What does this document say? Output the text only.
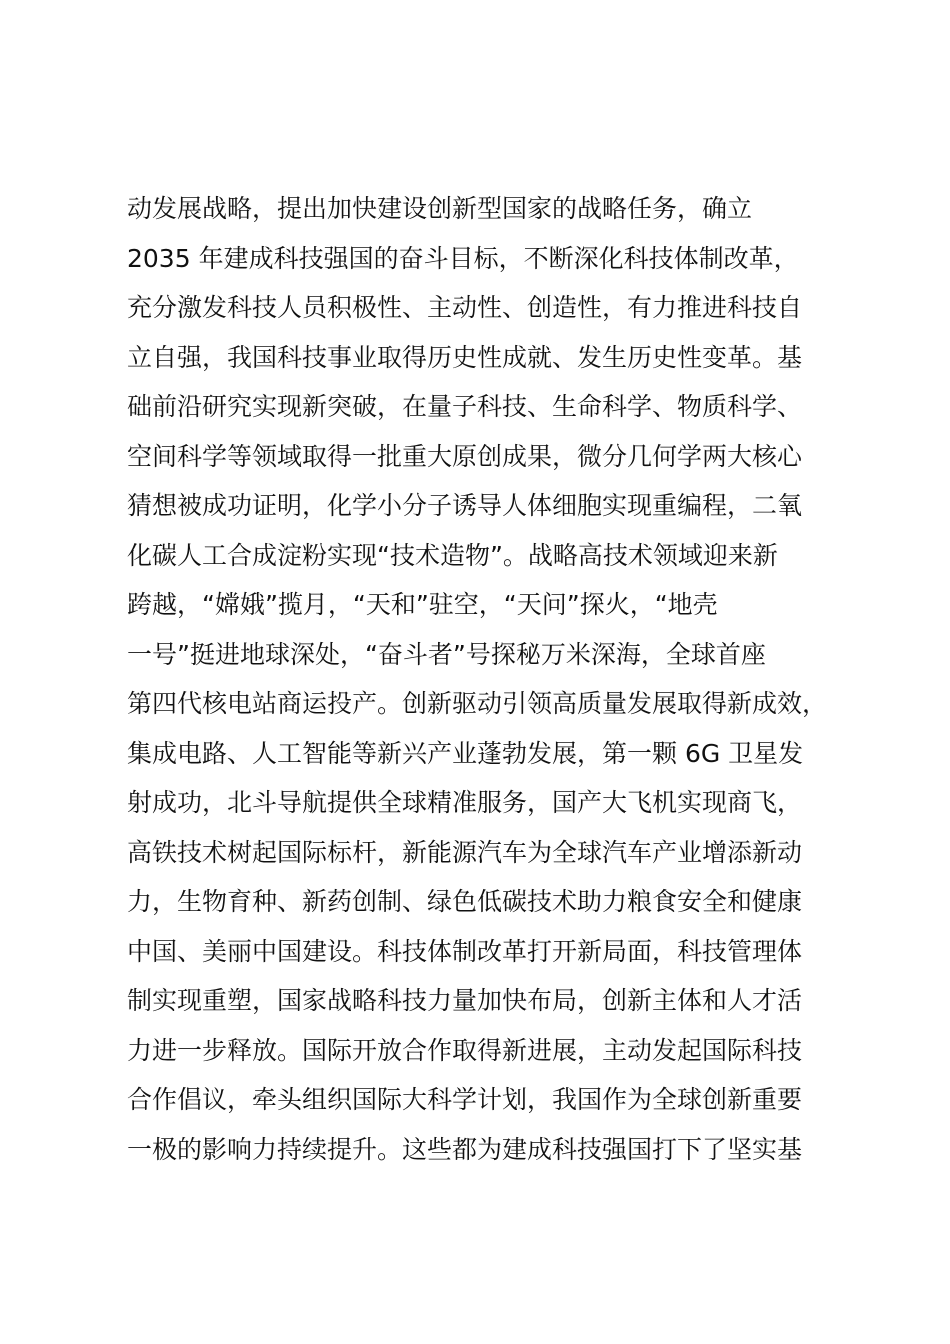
动发展战略，提出加快建设创新型国家的战略任务，确立
2035 年建成科技强国的奋斗目标，不断深化科技体制改革，
充分激发科技人员积极性、主动性、创造性，有力推进科技自
立自强，我国科技事业取得历史性成就、发生历史性变革。基
础前沿研究实现新突破，在量子科技、生命科学、物质科学、
空间科学等领域取得一批重大原创成果，微分几何学两大核心
猜想被成功证明，化学小分子诱导人体细胞实现重编程，二氧
化碳人工合成淀粉实现“技术造物”。战略高技术领域迎来新
跨越，“嫦娥”揽月，“天和”驻空，“天问”探火，“地壳
一号”挺进地球深处，“奋斗者”号探秘万米深海，全球首座
第四代核电站商运投产。创新驱动引领高质量发展取得新成效，
集成电路、人工智能等新兴产业蓬勃发展，第一颗 6G 卫星发
射成功，北斗导航提供全球精准服务，国产大飞机实现商飞，
高铁技术树起国际标杆，新能源汽车为全球汽车产业增添新动
力，生物育种、新药创制、绿色低碳技术助力粮食安全和健康
中国、美丽中国建设。科技体制改革打开新局面，科技管理体
制实现重塑，国家战略科技力量加快布局，创新主体和人才活
力进一步释放。国际开放合作取得新进展，主动发起国际科技
合作倡议，牵头组织国际大科学计划，我国作为全球创新重要
一极的影响力持续提升。这些都为建成科技强国打下了坚实基
